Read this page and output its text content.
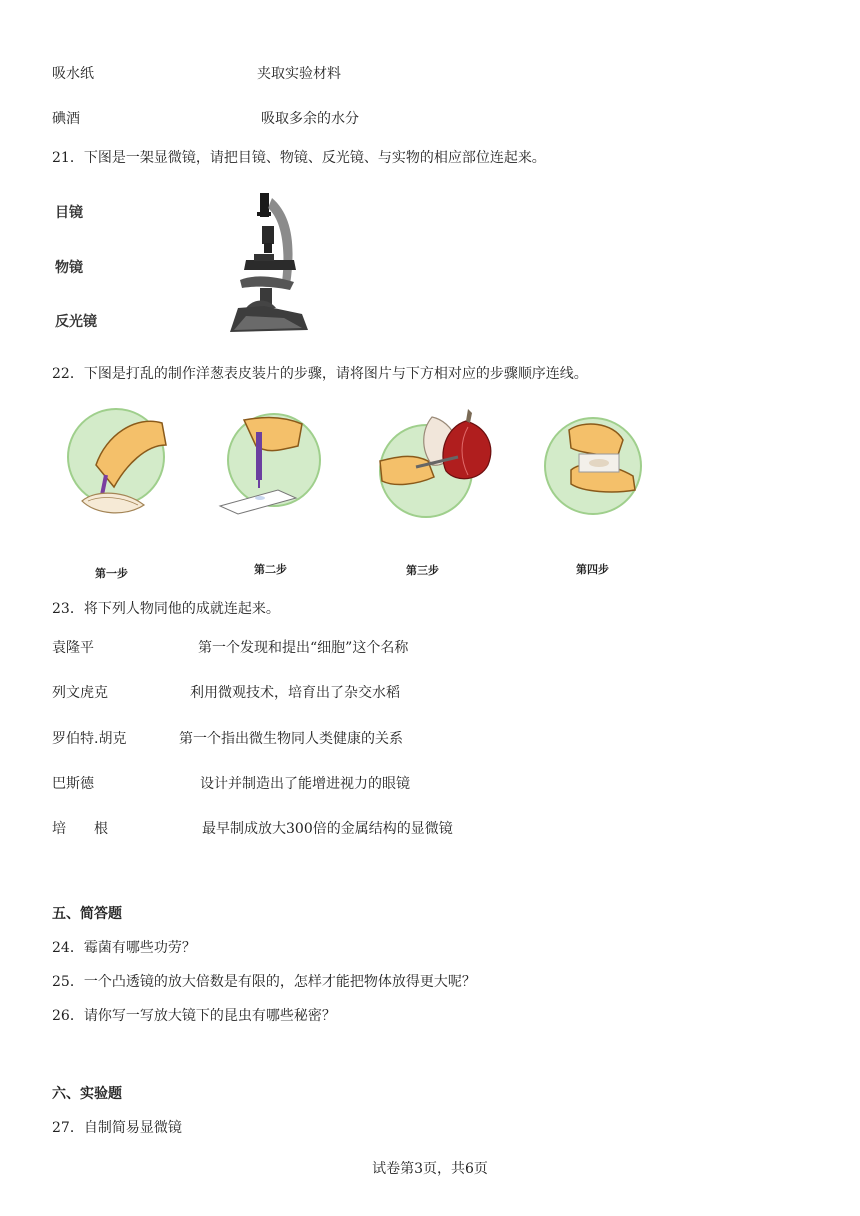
吸水纸	夹取实验材料
碘酒	吸取多余的水分
21．下图是一架显微镜，请把目镜、物镜、反光镜、与实物的相应部位连起来。
目镜
物镜
反光镜
22．下图是打乱的制作洋葱表皮装片的步骤，请将图片与下方相对应的步骤顺序连线。
第一步	第二步	第三步	第四步
23．将下列人物同他的成就连起来。
袁隆平	第一个发现和提出“细胞”这个名称
列文虎克	利用微观技术，培育出了杂交水稻
罗伯特.胡克	第一个指出微生物同人类健康的关系
巴斯德	设计并制造出了能增进视力的眼镜
培　　根	最早制成放大300倍的金属结构的显微镜
五、简答题
24．霉菌有哪些功劳？
25．一个凸透镜的放大倍数是有限的，怎样才能把物体放得更大呢？
26．请你写一写放大镜下的昆虫有哪些秘密？
六、实验题
27．自制简易显微镜
试卷第3页，共6页
